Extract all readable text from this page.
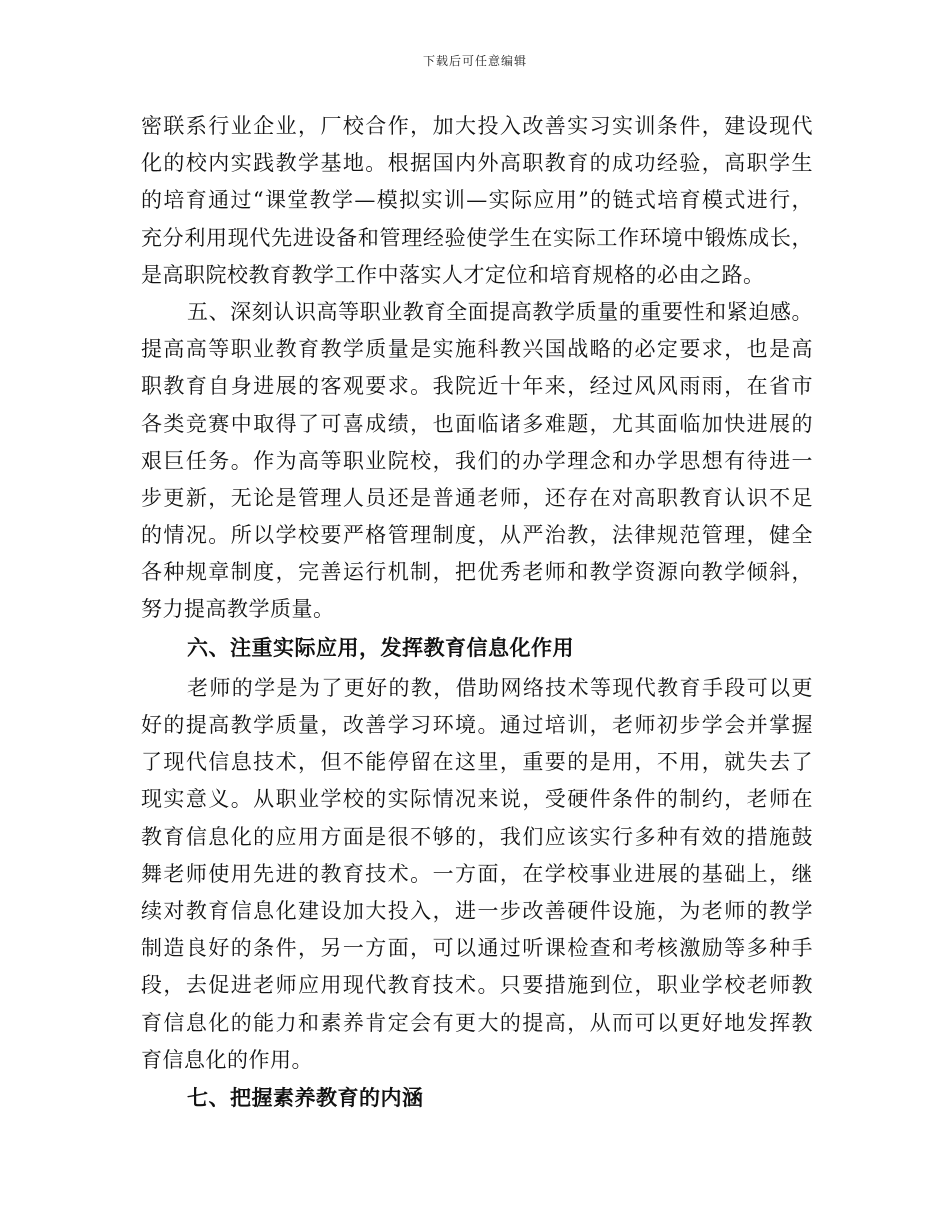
下载后可任意编辑
密联系行业企业，厂校合作，加大投入改善实习实训条件，建设现代
化的校内实践教学基地。根据国内外高职教育的成功经验，高职学生
的培育通过“课堂教学—模拟实训—实际应用”的链式培育模式进行，
充分利用现代先进设备和管理经验使学生在实际工作环境中锻炼成长，
是高职院校教育教学工作中落实人才定位和培育规格的必由之路。
五、深刻认识高等职业教育全面提高教学质量的重要性和紧迫感。
提高高等职业教育教学质量是实施科教兴国战略的必定要求，也是高
职教育自身进展的客观要求。我院近十年来，经过风风雨雨，在省市
各类竞赛中取得了可喜成绩，也面临诸多难题，尤其面临加快进展的
艰巨任务。作为高等职业院校，我们的办学理念和办学思想有待进一
步更新，无论是管理人员还是普通老师，还存在对高职教育认识不足
的情况。所以学校要严格管理制度，从严治教，法律规范管理，健全
各种规章制度，完善运行机制，把优秀老师和教学资源向教学倾斜，
努力提高教学质量。
六、注重实际应用，发挥教育信息化作用
老师的学是为了更好的教，借助网络技术等现代教育手段可以更
好的提高教学质量，改善学习环境。通过培训，老师初步学会并掌握
了现代信息技术，但不能停留在这里，重要的是用，不用，就失去了
现实意义。从职业学校的实际情况来说，受硬件条件的制约，老师在
教育信息化的应用方面是很不够的，我们应该实行多种有效的措施鼓
舞老师使用先进的教育技术。一方面，在学校事业进展的基础上，继
续对教育信息化建设加大投入，进一步改善硬件设施，为老师的教学
制造良好的条件，另一方面，可以通过听课检查和考核激励等多种手
段，去促进老师应用现代教育技术。只要措施到位，职业学校老师教
育信息化的能力和素养肯定会有更大的提高，从而可以更好地发挥教
育信息化的作用。
七、把握素养教育的内涵
